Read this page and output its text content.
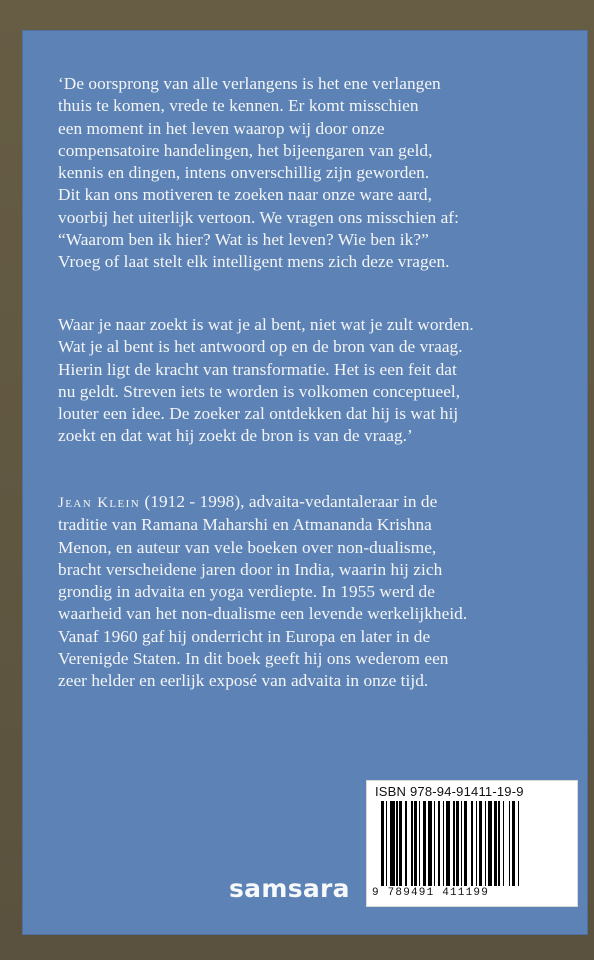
‘De oorsprong van alle verlangens is het ene verlangen
thuis te komen, vrede te kennen. Er komt misschien
een moment in het leven waarop wij door onze
compensatoire handelingen, het bijeengaren van geld,
kennis en dingen, intens onverschillig zijn geworden.
Dit kan ons motiveren te zoeken naar onze ware aard,
voorbij het uiterlijk vertoon. We vragen ons misschien af:
“Waarom ben ik hier? Wat is het leven? Wie ben ik?”
Vroeg of laat stelt elk intelligent mens zich deze vragen.
Waar je naar zoekt is wat je al bent, niet wat je zult worden.
Wat je al bent is het antwoord op en de bron van de vraag.
Hierin ligt de kracht van transformatie. Het is een feit dat
nu geldt. Streven iets te worden is volkomen conceptueel,
louter een idee. De zoeker zal ontdekken dat hij is wat hij
zoekt en dat wat hij zoekt de bron is van de vraag.’
Jean Klein (1912 - 1998), advaita-vedantaleraar in de
traditie van Ramana Maharshi en Atmananda Krishna
Menon, en auteur van vele boeken over non-dualisme,
bracht verscheidene jaren door in India, waarin hij zich
grondig in advaita en yoga verdiepte. In 1955 werd de
waarheid van het non-dualisme een levende werkelijkheid.
Vanaf 1960 gaf hij onderricht in Europa en later in de
Verenigde Staten. In dit boek geeft hij ons wederom een
zeer helder en eerlijk exposé van advaita in onze tijd.
ISBN 978-94-91411-19-9
9 789491 411199
samsara
